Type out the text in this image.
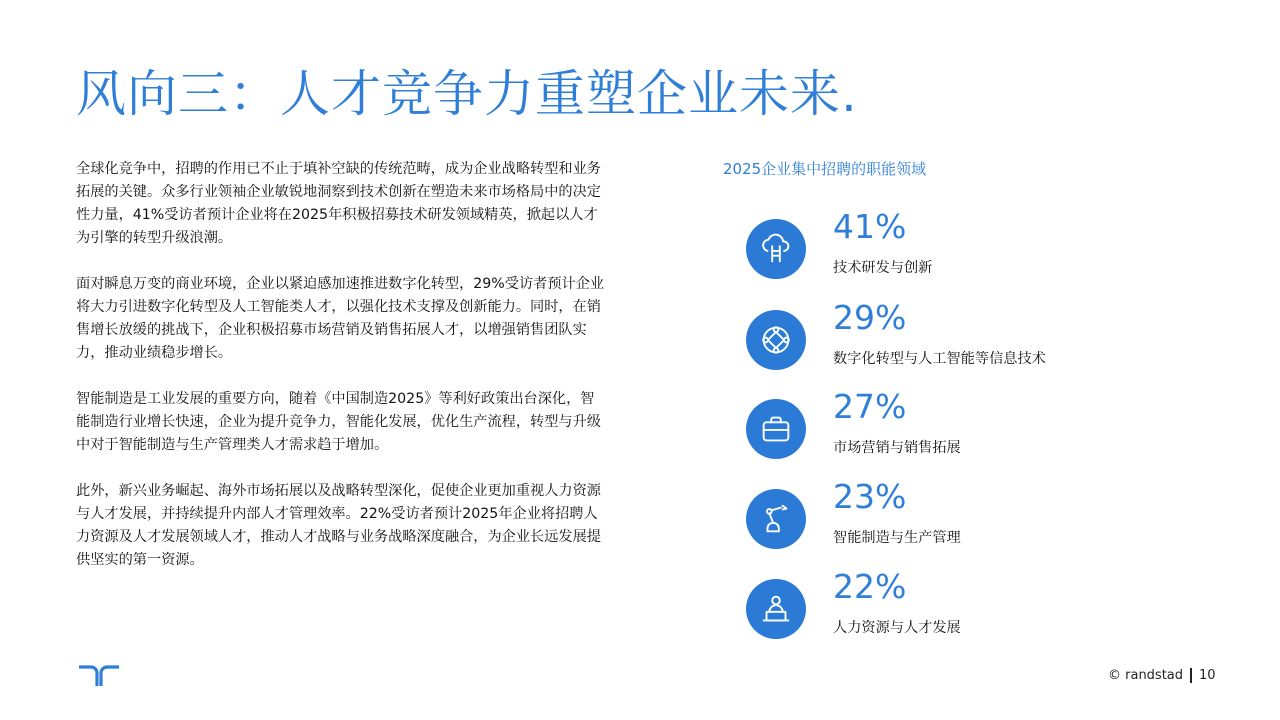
风向三：人才竞争力重塑企业未来.

全球化竞争中，招聘的作用已不止于填补空缺的传统范畴，成为企业战略转型和业务拓展的关键。众多行业领袖企业敏锐地洞察到技术创新在塑造未来市场格局中的决定性力量，41%受访者预计企业将在2025年积极招募技术研发领域精英，掀起以人才为引擎的转型升级浪潮。

面对瞬息万变的商业环境，企业以紧迫感加速推进数字化转型，29%受访者预计企业将大力引进数字化转型及人工智能类人才，以强化技术支撑及创新能力。同时，在销售增长放缓的挑战下，企业积极招募市场营销及销售拓展人才，以增强销售团队实力，推动业绩稳步增长。

智能制造是工业发展的重要方向，随着《中国制造2025》等利好政策出台深化，智能制造行业增长快速，企业为提升竞争力，智能化发展，优化生产流程，转型与升级中对于智能制造与生产管理类人才需求趋于增加。

此外，新兴业务崛起、海外市场拓展以及战略转型深化，促使企业更加重视人力资源与人才发展，并持续提升内部人才管理效率。22%受访者预计2025年企业将招聘人力资源及人才发展领域人才，推动人才战略与业务战略深度融合，为企业长远发展提供坚实的第一资源。

2025企业集中招聘的职能领域
41%
技术研发与创新
29%
数字化转型与人工智能等信息技术
27%
市场营销与销售拓展
23%
智能制造与生产管理
22%
人力资源与人才发展
© randstad 10
